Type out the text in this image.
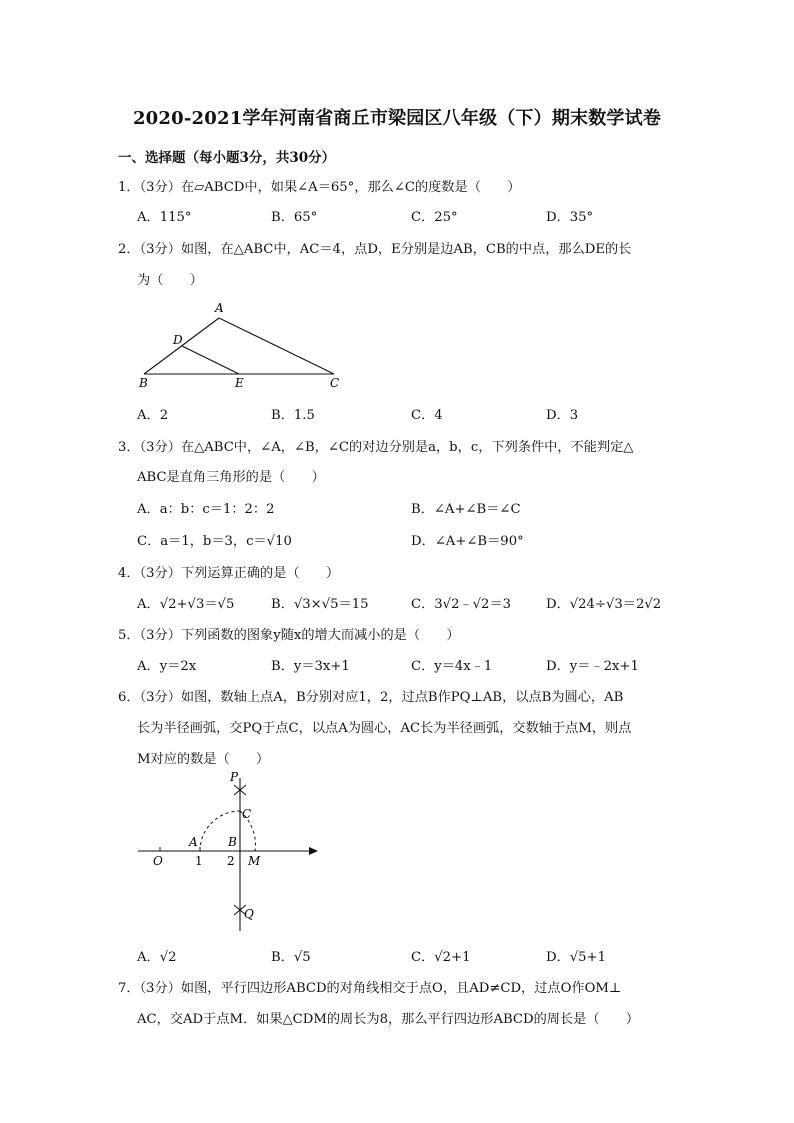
2020-2021学年河南省商丘市梁园区八年级（下）期末数学试卷
一、选择题（每小题3分，共30分）
1．（3分）在▱ABCD中，如果∠A＝65°，那么∠C的度数是（　　）
A．115°	B．65°	C．25°	D．35°
2．（3分）如图，在△ABC中，AC＝4，点D，E分别是边AB，CB的中点，那么DE的长
为（　　）
A
D
B	E	C
A．2	B．1.5	C．4	D．3
3．（3分）在△ABC中，∠A，∠B，∠C的对边分别是a，b，c，下列条件中，不能判定△
ABC是直角三角形的是（　　）
A．a：b：c＝1：2：2	B．∠A+∠B＝∠C
C．a＝1，b＝3，c＝√10	D．∠A+∠B＝90°
4．（3分）下列运算正确的是（　　）
A．√2+√3＝√5	B．√3×√5＝15	C．3√2﹣√2＝3	D．√24÷√3＝2√2
5．（3分）下列函数的图象y随x的增大而减小的是（　　）
A．y＝2x	B．y＝3x+1	C．y＝4x﹣1	D．y＝﹣2x+1
6．（3分）如图，数轴上点A，B分别对应1，2，过点B作PQ⊥AB，以点B为圆心，AB
长为半径画弧，交PQ于点C，以点A为圆心，AC长为半径画弧，交数轴于点M，则点
M对应的数是（　　）
P
C
A	B
O	1 2 M
Q
A．√2	B．√5	C．√2+1	D．√5+1
7．（3分）如图，平行四边形ABCD的对角线相交于点O，且AD≠CD，过点O作OM⊥
AC，交AD于点M．如果△CDM的周长为8，那么平行四边形ABCD的周长是（　　）
